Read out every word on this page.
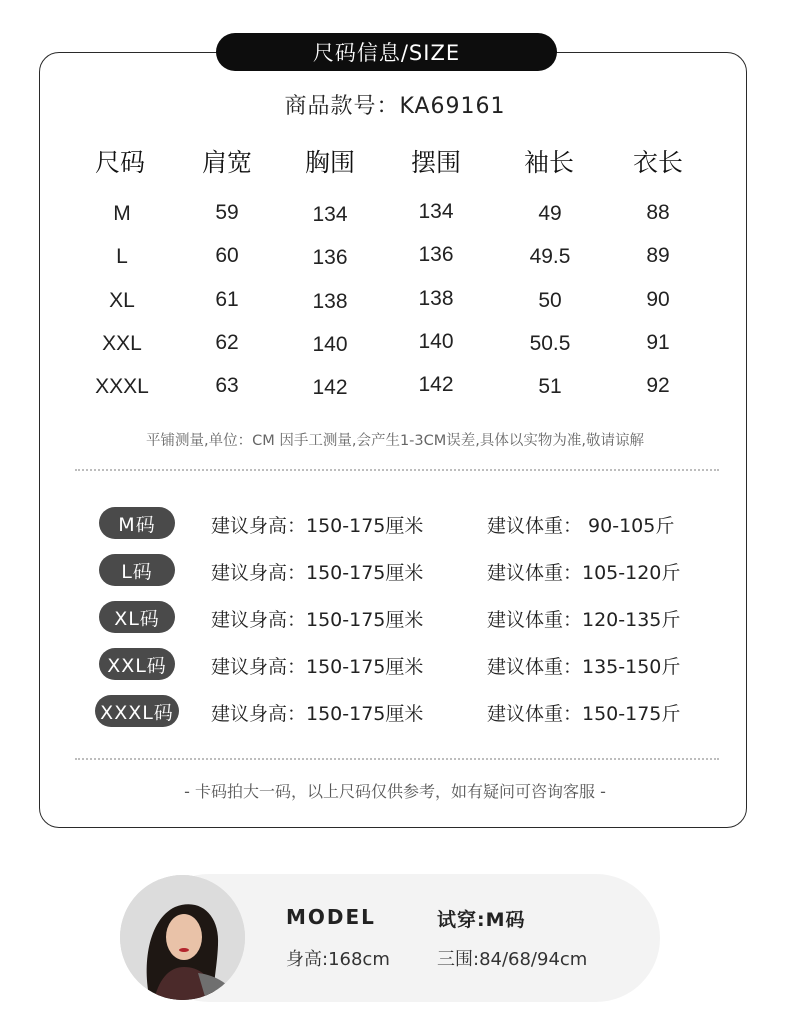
尺码信息/SIZE
商品款号：KA69161
尺码	肩宽	胸围	摆围	袖长	衣长
M	59	134	134	49	88
L	60	136	136	49.5	89
XL	61	138	138	50	90
XXL	62	140	140	50.5	91
XXXL	63	142	142	51	92
平铺测量,单位：CM 因手工测量,会产生1-3CM误差,具体以实物为准,敬请谅解
M码	建议身高：150-175厘米	建议体重： 90-105斤
L码	建议身高：150-175厘米	建议体重：105-120斤
XL码	建议身高：150-175厘米	建议体重：120-135斤
XXL码	建议身高：150-175厘米	建议体重：135-150斤
XXXL码 建议身高：150-175厘米	建议体重：150-175斤
- 卡码拍大一码，以上尺码仅供参考，如有疑问可咨询客服 -
MODEL	试穿:M码
身高:168cm	三围:84/68/94cm
